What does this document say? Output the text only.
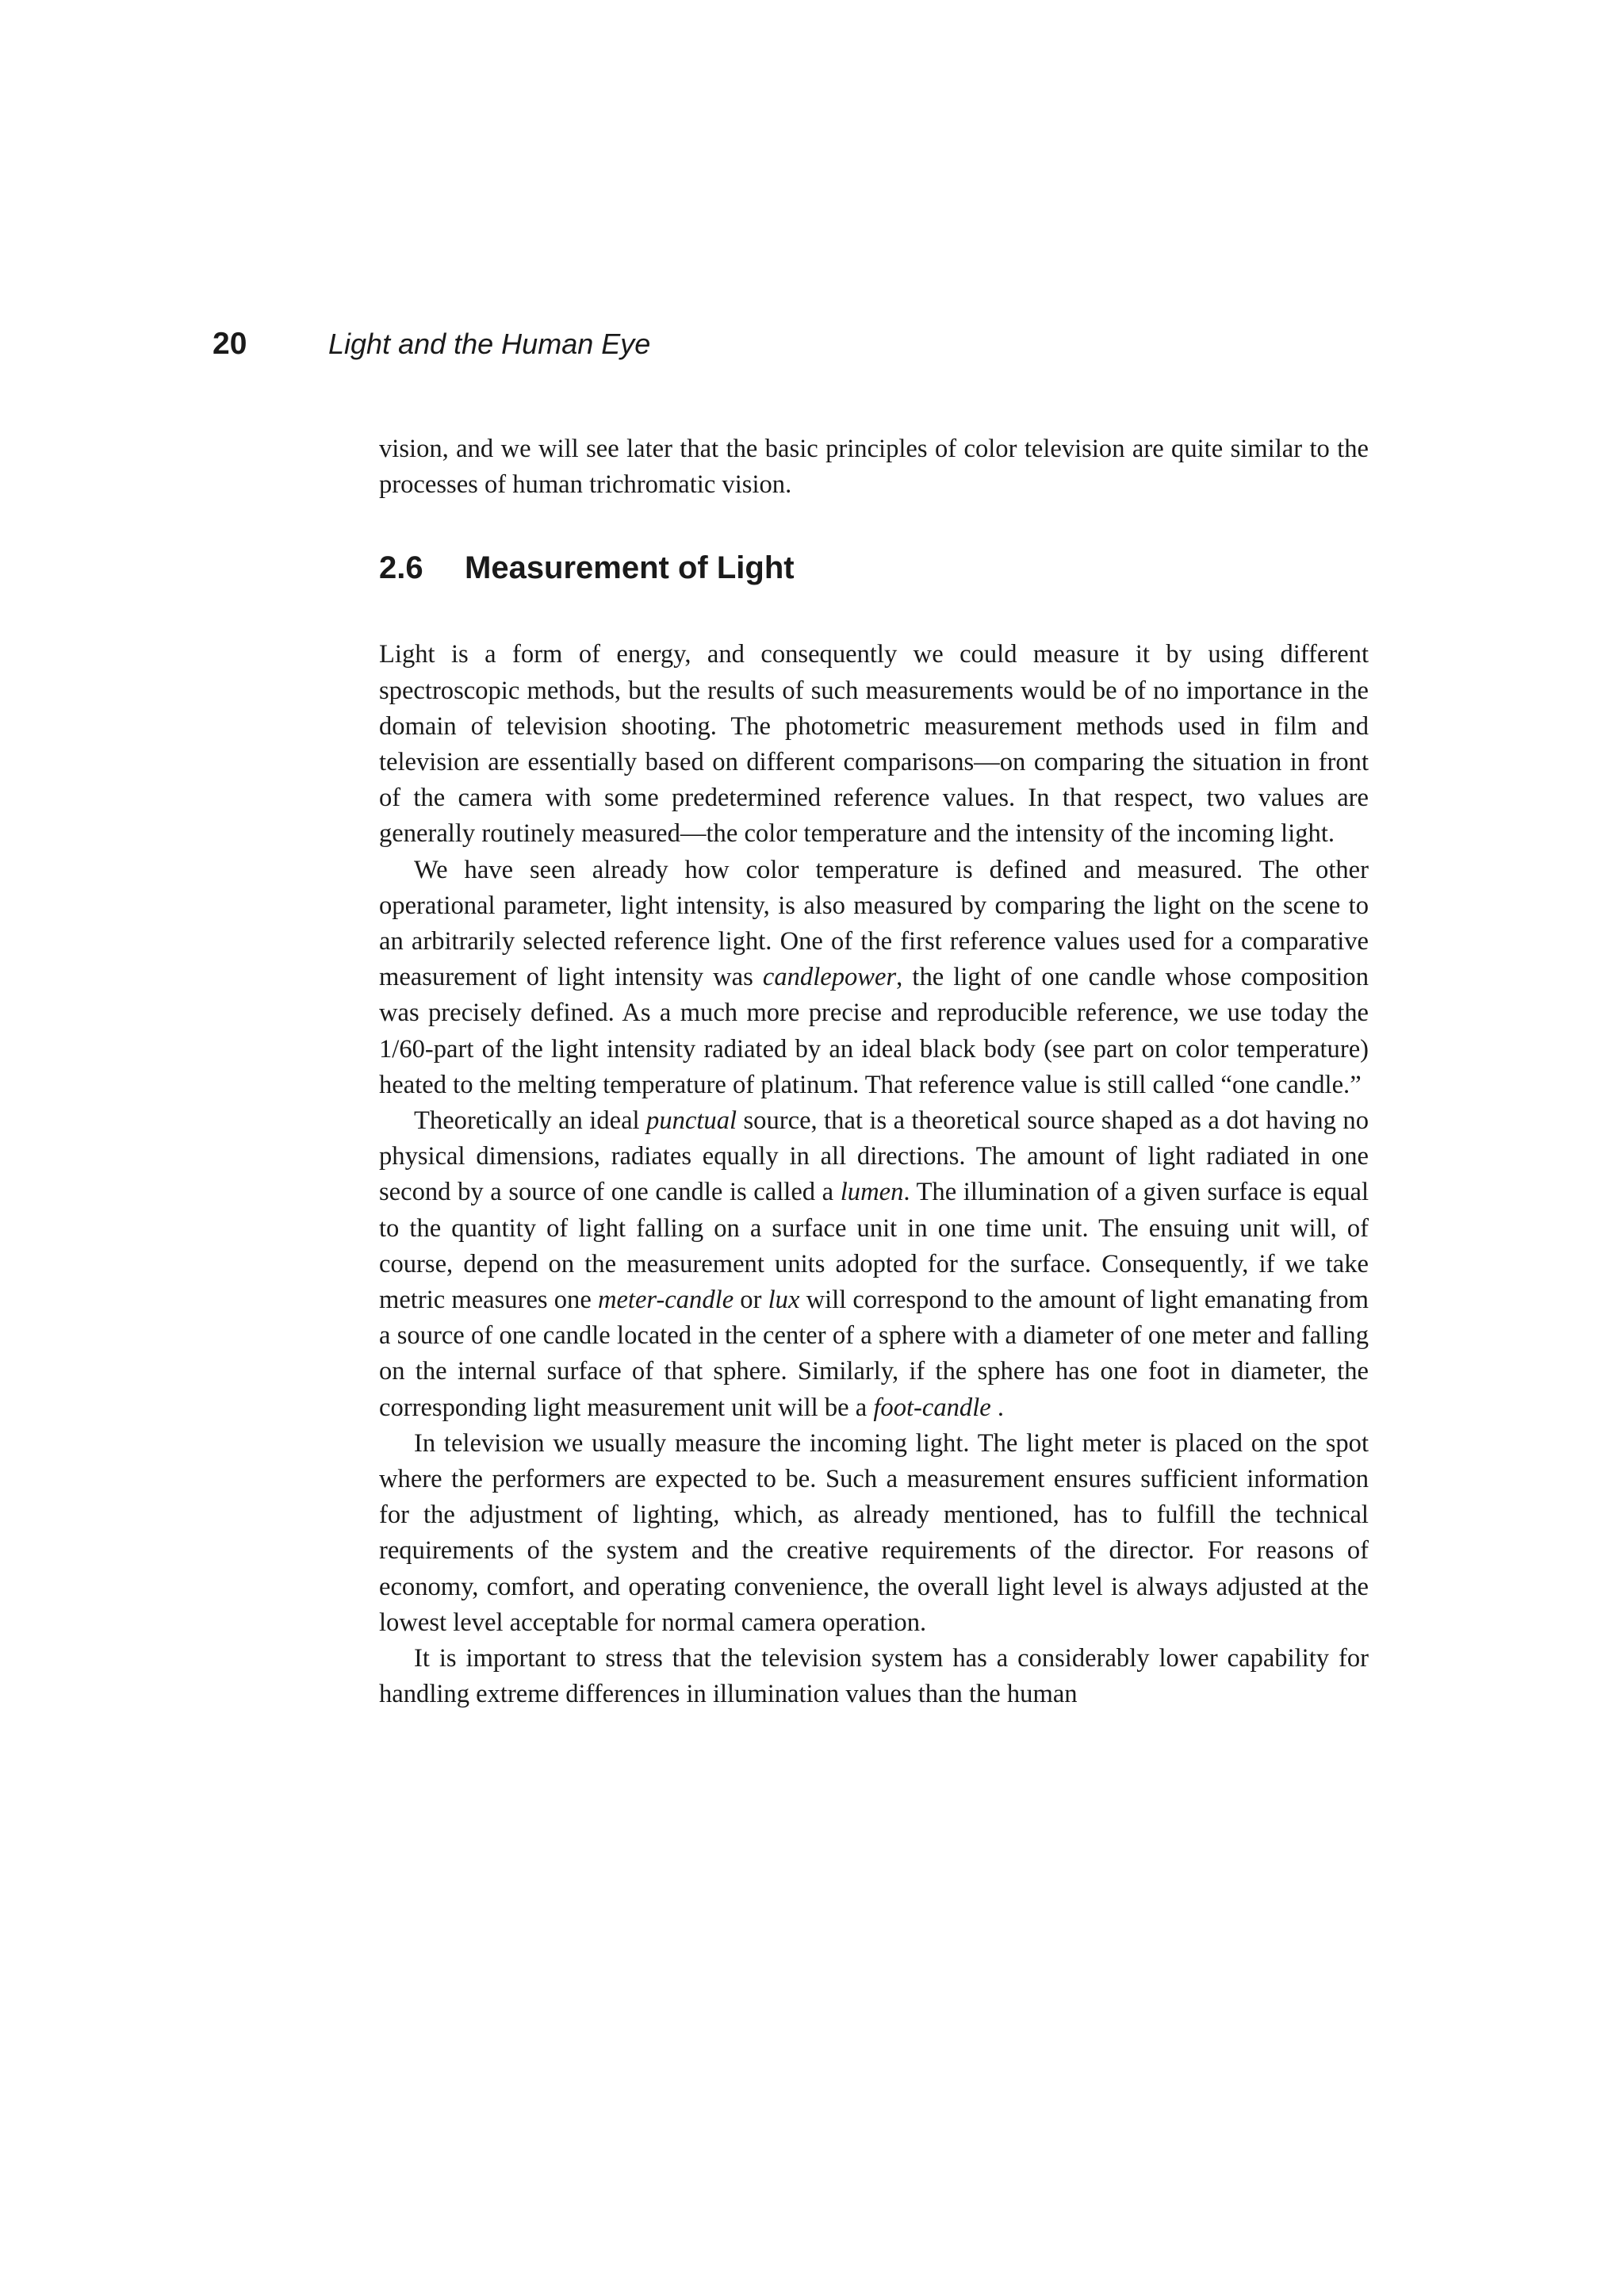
20	Light and the Human Eye

vision, and we will see later that the basic principles of color television are quite similar to the processes of human trichromatic vision.

2.6	Measurement of Light

Light is a form of energy, and consequently we could measure it by using different spectroscopic methods, but the results of such measurements would be of no importance in the domain of television shooting. The photometric measurement methods used in film and television are essentially based on different comparisons—on comparing the situation in front of the camera with some predetermined reference values. In that respect, two values are generally routinely measured—the color temperature and the intensity of the incoming light.

We have seen already how color temperature is defined and measured. The other operational parameter, light intensity, is also measured by comparing the light on the scene to an arbitrarily selected reference light. One of the first reference values used for a comparative measurement of light intensity was candlepower, the light of one candle whose composition was precisely defined. As a much more precise and reproducible reference, we use today the 1/60-part of the light intensity radiated by an ideal black body (see part on color temperature) heated to the melting temperature of platinum. That reference value is still called “one candle.”

Theoretically an ideal punctual source, that is a theoretical source shaped as a dot having no physical dimensions, radiates equally in all directions. The amount of light radiated in one second by a source of one candle is called a lumen. The illumination of a given surface is equal to the quantity of light falling on a surface unit in one time unit. The ensuing unit will, of course, depend on the measurement units adopted for the surface. Consequently, if we take metric measures one meter-candle or lux will correspond to the amount of light emanating from a source of one candle located in the center of a sphere with a diameter of one meter and falling on the internal surface of that sphere. Similarly, if the sphere has one foot in diameter, the corresponding light measurement unit will be a foot-candle .

In television we usually measure the incoming light. The light meter is placed on the spot where the performers are expected to be. Such a measurement ensures sufficient information for the adjustment of lighting, which, as already mentioned, has to fulfill the technical requirements of the system and the creative requirements of the director. For reasons of economy, comfort, and operating convenience, the overall light level is always adjusted at the lowest level acceptable for normal camera operation.

It is important to stress that the television system has a considerably lower capability for handling extreme differences in illumination values than the human
